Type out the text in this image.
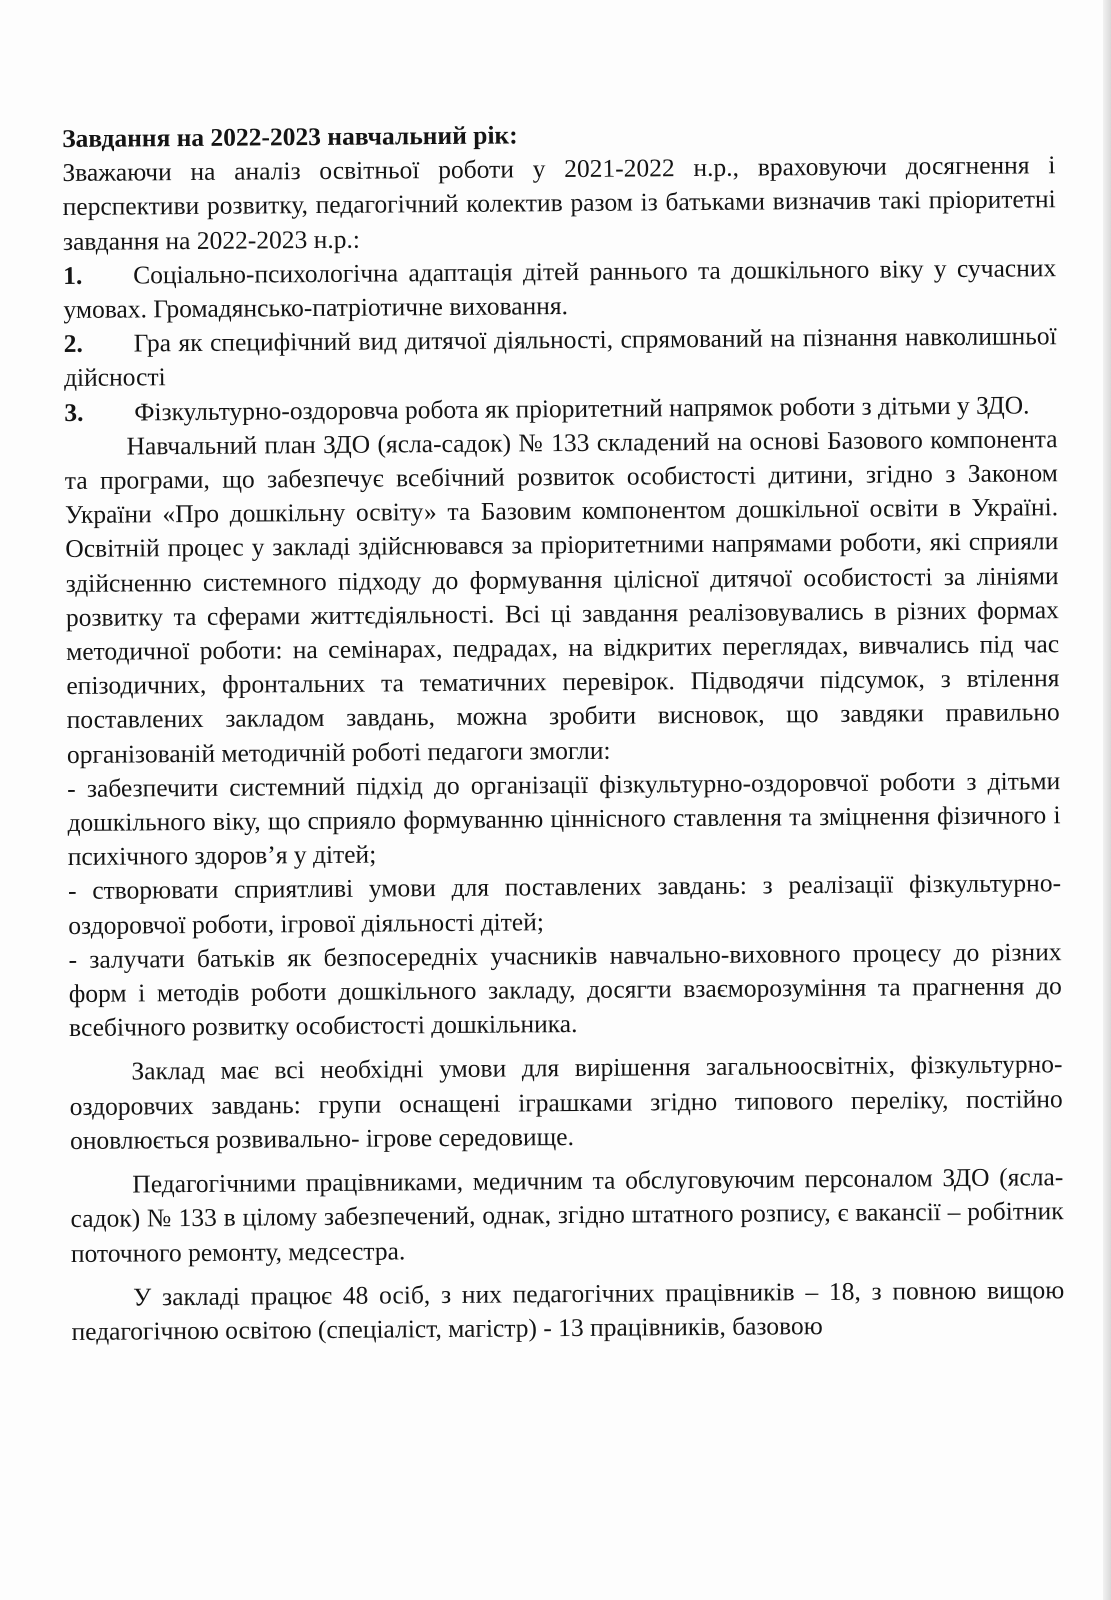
Завдання на 2022-2023 навчальний рік:

Зважаючи на аналіз освітньої роботи у 2021-2022 н.р., враховуючи досягнення і перспективи розвитку, педагогічний колектив разом із батьками визначив такі пріоритетні завдання на 2022-2023 н.р.:

1. Соціально-психологічна адаптація дітей раннього та дошкільного віку у сучасних умовах. Громадянсько-патріотичне виховання.

2. Гра як специфічний вид дитячої діяльності, спрямований на пізнання навколишньої дійсності

3. Фізкультурно-оздоровча робота як пріоритетний напрямок роботи з дітьми у ЗДО.

Навчальний план ЗДО (ясла-садок) № 133 складений на основі Базового компонента та програми, що забезпечує всебічний розвиток особистості дитини, згідно з Законом України «Про дошкільну освіту» та Базовим компонентом дошкільної освіти в Україні. Освітній процес у закладі здійснювався за пріоритетними напрямами роботи, які сприяли здійсненню системного підходу до формування цілісної дитячої особистості за лініями розвитку та сферами життєдіяльності. Всі ці завдання реалізовувались в різних формах методичної роботи: на семінарах, педрадах, на відкритих переглядах, вивчались під час епізодичних, фронтальних та тематичних перевірок. Підводячи підсумок, з втілення поставлених закладом завдань, можна зробити висновок, що завдяки правильно організованій методичній роботі педагоги змогли:

- забезпечити системний підхід до організації фізкультурно-оздоровчої роботи з дітьми дошкільного віку, що сприяло формуванню ціннісного ставлення та зміцнення фізичного і психічного здоров’я у дітей;

- створювати сприятливі умови для поставлених завдань: з реалізації фізкультурно-оздоровчої роботи, ігрової діяльності дітей;

- залучати батьків як безпосередніх учасників навчально-виховного процесу до різних форм і методів роботи дошкільного закладу, досягти взаєморозуміння та прагнення до всебічного розвитку особистості дошкільника.

Заклад має всі необхідні умови для вирішення загальноосвітніх, фізкультурно-оздоровчих завдань: групи оснащені іграшками згідно типового переліку, постійно оновлюється розвивально- ігрове середовище.

Педагогічними працівниками, медичним та обслуговуючим персоналом ЗДО (ясла-садок) № 133 в цілому забезпечений, однак, згідно штатного розпису, є вакансії – робітник поточного ремонту, медсестра.

У закладі працює 48 осіб, з них педагогічних працівників – 18, з повною вищою педагогічною освітою (спеціаліст, магістр) - 13 працівників, базовою
